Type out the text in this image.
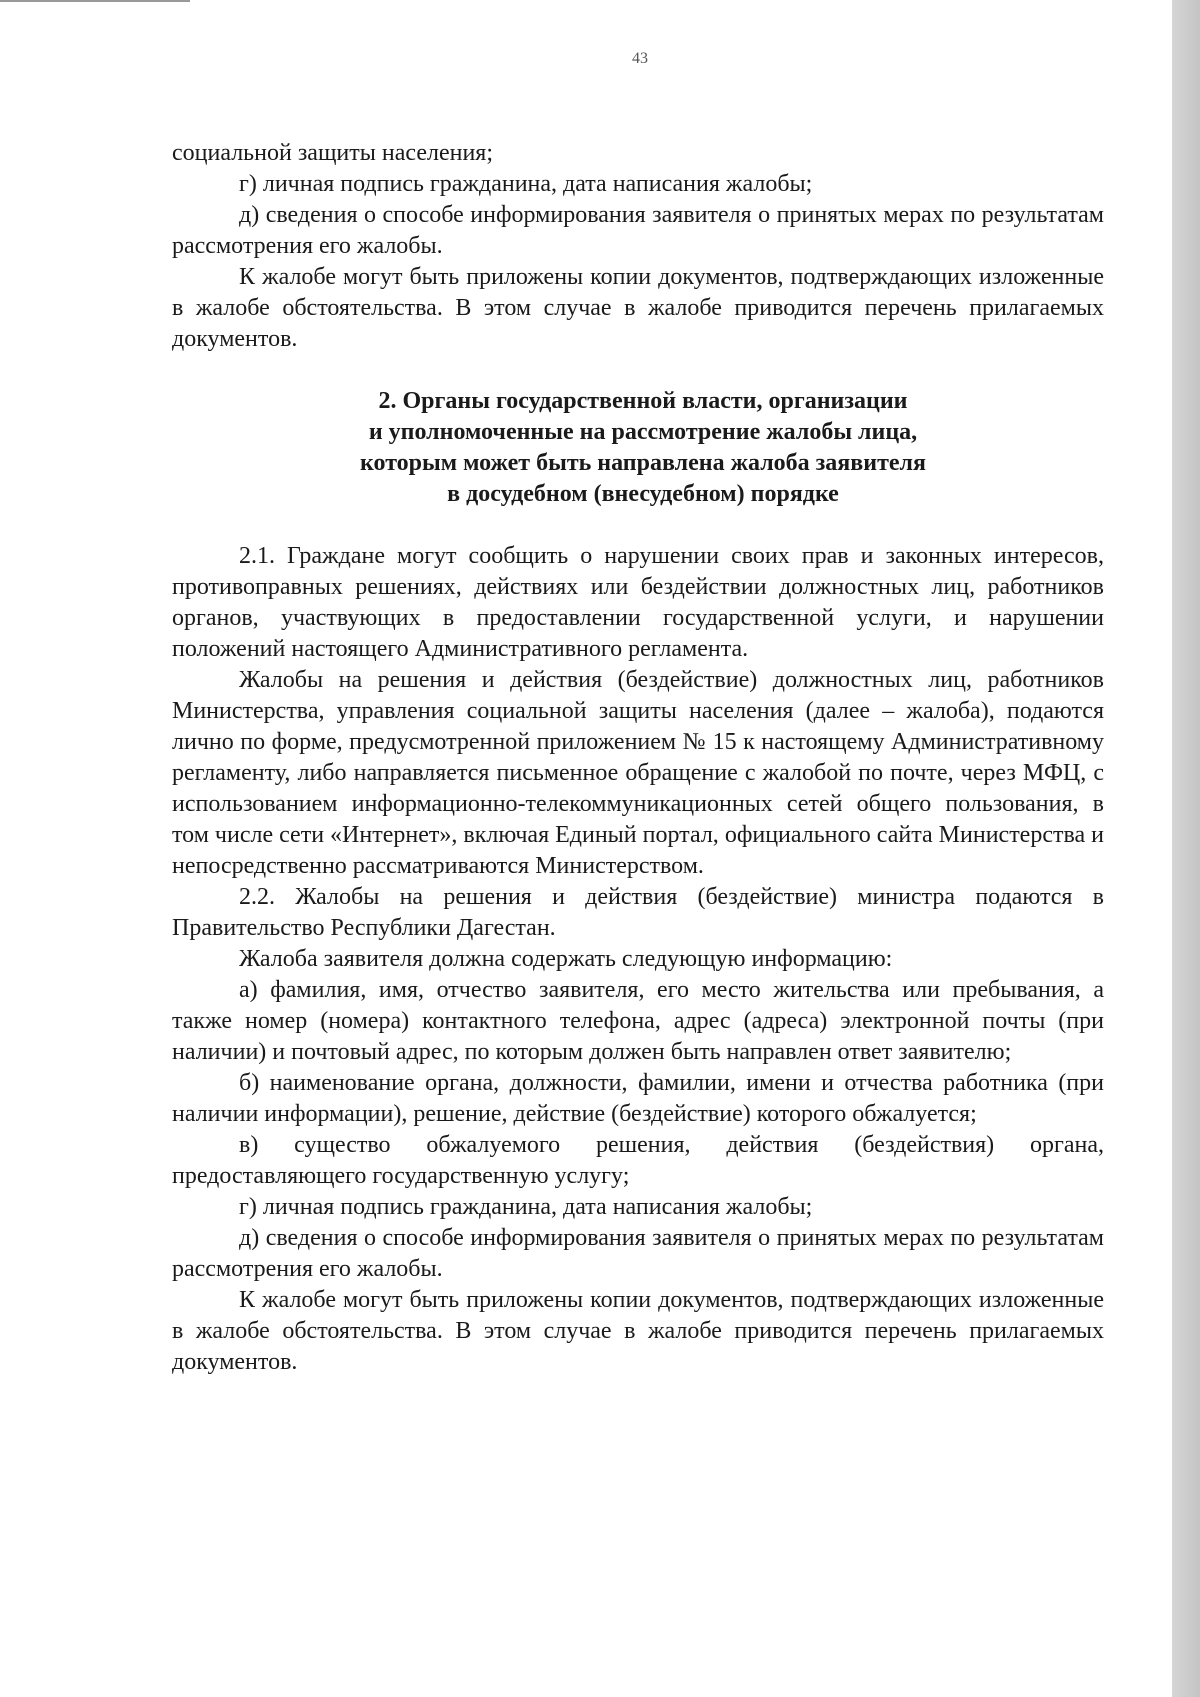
43

социальной защиты населения;

г) личная подпись гражданина, дата написания жалобы;

д) сведения о способе информирования заявителя о принятых мерах по результатам рассмотрения его жалобы.

К жалобе могут быть приложены копии документов, подтверждающих изложенные в жалобе обстоятельства. В этом случае в жалобе приводится перечень прилагаемых документов.

2. Органы государственной власти, организации
и уполномоченные на рассмотрение жалобы лица,
которым может быть направлена жалоба заявителя
в досудебном (внесудебном) порядке

2.1. Граждане могут сообщить о нарушении своих прав и законных интересов, противоправных решениях, действиях или бездействии должностных лиц, работников органов, участвующих в предоставлении государственной услуги, и нарушении положений настоящего Административного регламента.

Жалобы на решения и действия (бездействие) должностных лиц, работников Министерства, управления социальной защиты населения (далее – жалоба), подаются лично по форме, предусмотренной приложением № 15 к настоящему Административному регламенту, либо направляется письменное обращение с жалобой по почте, через МФЦ, с использованием информационно-телекоммуникационных сетей общего пользования, в том числе сети «Интернет», включая Единый портал, официального сайта Министерства и непосредственно рассматриваются Министерством.

2.2. Жалобы на решения и действия (бездействие) министра подаются в Правительство Республики Дагестан.

Жалоба заявителя должна содержать следующую информацию:

а) фамилия, имя, отчество заявителя, его место жительства или пребывания, а также номер (номера) контактного телефона, адрес (адреса) электронной почты (при наличии) и почтовый адрес, по которым должен быть направлен ответ заявителю;

б) наименование органа, должности, фамилии, имени и отчества работника (при наличии информации), решение, действие (бездействие) которого обжалуется;

в) существо обжалуемого решения, действия (бездействия) органа, предоставляющего государственную услугу;

г) личная подпись гражданина, дата написания жалобы;

д) сведения о способе информирования заявителя о принятых мерах по результатам рассмотрения его жалобы.

К жалобе могут быть приложены копии документов, подтверждающих изложенные в жалобе обстоятельства. В этом случае в жалобе приводится перечень прилагаемых документов.
